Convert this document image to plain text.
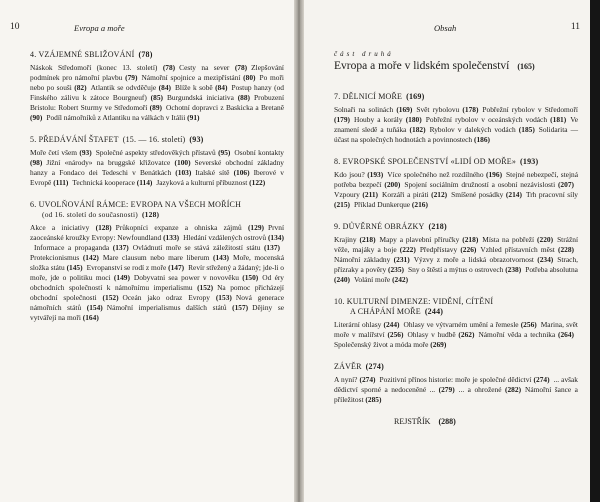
10	Evropa a moře
4. VZÁJEMNÉ SBLIŽOVÁNÍ (78)
Náskok Středomoří (konec 13. století) (78) Cesty na sever (78) Zlepšování podmínek pro námořní plavbu (79) Námořní spojnice a mezipřístání (80) Po moři nebo po souši (82) Atlantik se odvděčuje (84) Blíže k sobě (84) Postup hanzy (od Finského zálivu k zátoce Bourgneuf) (85) Burgundská iniciativa (88) Probuzení Bristolu: Robert Sturmy ve Středomoří (89) Ochotní dopravci z Baskicka a Bretaně (90) Podíl námořníků z Atlantiku na válkách v Itálii (91)
5. PŘEDÁVÁNÍ ŠTAFET (15. — 16. století) (93)
Moře četí všem (93) Společné aspekty středověkých přístavů (95) Osobní kontakty (98) Jižní «národy» na bruggské křižovatce (100) Severské obchodní základny hanzy a Fondaco dei Tedeschi v Benátkách (103) Italské sítě (106) Iberové v Evropě (111) Technická kooperace (114) Jazyková a kulturní příbuznost (122)
6. UVOLŇOVÁNÍ RÁMCE: EVROPA NA VŠECH MOŘÍCH
(od 16. století do současnosti) (128)
Akce a iniciativy (128) Průkopníci expanze a ohniska zájmů (129) První zaoceánské kroužky Evropy: Newfoundland (133) Hledání vzdálených ostrovů (134)Informace a propaganda (137) Ovládnutí moře se stává záležitostí státu (137)Protekcionismus (142) Mare clausum nebo mare liberum (143) Moře, mocenská složka státu (145) Evropanství se rodí z moře (147) Revír střežený a žádaný; jde-li o moře, jde o politiku moci (149) Dobyvatni sea power v novověku (150) Od éry obchodních společností k námořnímu imperialismu (152) Na pomoc přicházejí obchodní společnosti (152) Oceán jako odraz Evropy (153) Nová generace námořních států (154) Námořní imperialismus dalších států (157) Dějiny se vytvářejí na moři (164)
Obsah	11
část druhá
Evropa a moře v lidském společenství (165)
7. DĚLNICÍ MOŘE (169)
Solnaři na solinách (169) Svět rybolovu (178) Pobřežní rybolov v Středomoří (179) Houby a korály (180) Pobřežní rybolov v oceánských vodách (181) Ve znamení sledě a tuňáka (182) Rybolov v dalekých vodách (185) Solidarita — účast na společných hodnotách a povinnostech (186)
8. EVROPSKÉ SPOLEČENSTVÍ «LIDÍ OD MOŘE» (193)
Kdo jsou? (193) Více společného než rozdílného (196) Stejné nebezpečí, stejná potřeba bezpečí (200) Spojení sociálním družností a osobní nezávislosti (207)Vzpoury (211) Korzáři a piráti (212) Smíšené posádky (214) Trh pracovní síly (215) Příklad Dunkerque (216)
9. DŮVĚRNÉ OBRÁZKY (218)
Krajiny (218) Mapy a plavební příručky (218) Místa na pobřeží (220) Strážní věže, majáky a boje (222) Předpřístavy (226) Vzhled přístavních měst (228)Námořní základny (231) Výzvy z moře a lidská obrazotvornost (234) Strach, přízraky a pověry (235) Sny o štěstí a mýtus o ostrovech (238) Potřeba absolutna (240) Volání moře (242)
10. KULTURNÍ DIMENZE: VIDĚNÍ, CÍTĚNÍ
A CHÁPÁNÍ MOŘE (244)
Literární ohlasy (244) Ohlasy ve výtvarném umění a řemesle (256) Marina, svět moře v malířství (256) Ohlasy v hudbě (262) Námořní věda a technika (264)Společenský život a móda moře (269)
ZÁVĚR (274)
A nyní? (274) Pozitivní přínos historie: moře je společné dědictví (274) ... avšak dědictví sporné a nedoceněné ... (279) ... a ohrožené (282) Námořní šance a příležitost (285)
REJSTŘÍK (288)
